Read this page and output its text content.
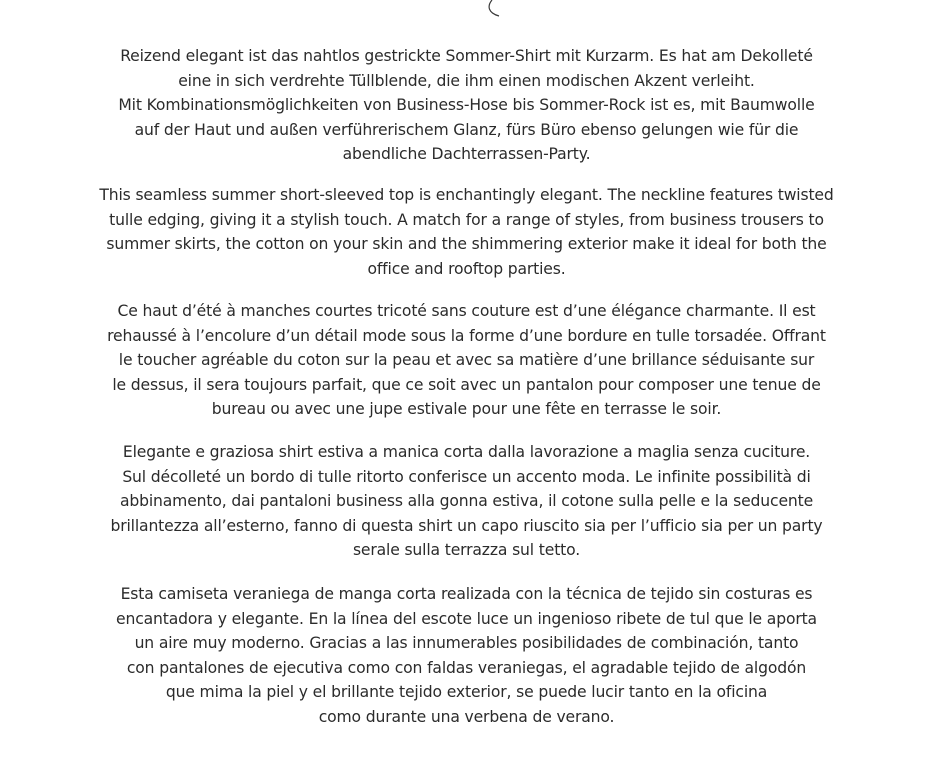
Reizend elegant ist das nahtlos gestrickte Sommer-Shirt mit Kurzarm. Es hat am Dekolleté
eine in sich verdrehte Tüllblende, die ihm einen modischen Akzent verleiht.
Mit Kombinationsmöglichkeiten von Business-Hose bis Sommer-Rock ist es, mit Baumwolle
auf der Haut und außen verführerischem Glanz, fürs Büro ebenso gelungen wie für die
abendliche Dachterrassen-Party.
This seamless summer short-sleeved top is enchantingly elegant. The neckline features twisted
tulle edging, giving it a stylish touch. A match for a range of styles, from business trousers to
summer skirts, the cotton on your skin and the shimmering exterior make it ideal for both the
office and rooftop parties.
Ce haut d’été à manches courtes tricoté sans couture est d’une élégance charmante. Il est
rehaussé à l’encolure d’un détail mode sous la forme d’une bordure en tulle torsadée. Offrant
le toucher agréable du coton sur la peau et avec sa matière d’une brillance séduisante sur
le dessus, il sera toujours parfait, que ce soit avec un pantalon pour composer une tenue de
bureau ou avec une jupe estivale pour une fête en terrasse le soir.
Elegante e graziosa shirt estiva a manica corta dalla lavorazione a maglia senza cuciture.
Sul décolleté un bordo di tulle ritorto conferisce un accento moda. Le infinite possibilità di
abbinamento, dai pantaloni business alla gonna estiva, il cotone sulla pelle e la seducente
brillantezza all’esterno, fanno di questa shirt un capo riuscito sia per l’ufficio sia per un party
serale sulla terrazza sul tetto.
Esta camiseta veraniega de manga corta realizada con la técnica de tejido sin costuras es
encantadora y elegante. En la línea del escote luce un ingenioso ribete de tul que le aporta
un aire muy moderno. Gracias a las innumerables posibilidades de combinación, tanto
con pantalones de ejecutiva como con faldas veraniegas, el agradable tejido de algodón
que mima la piel y el brillante tejido exterior, se puede lucir tanto en la oficina
como durante una verbena de verano.
